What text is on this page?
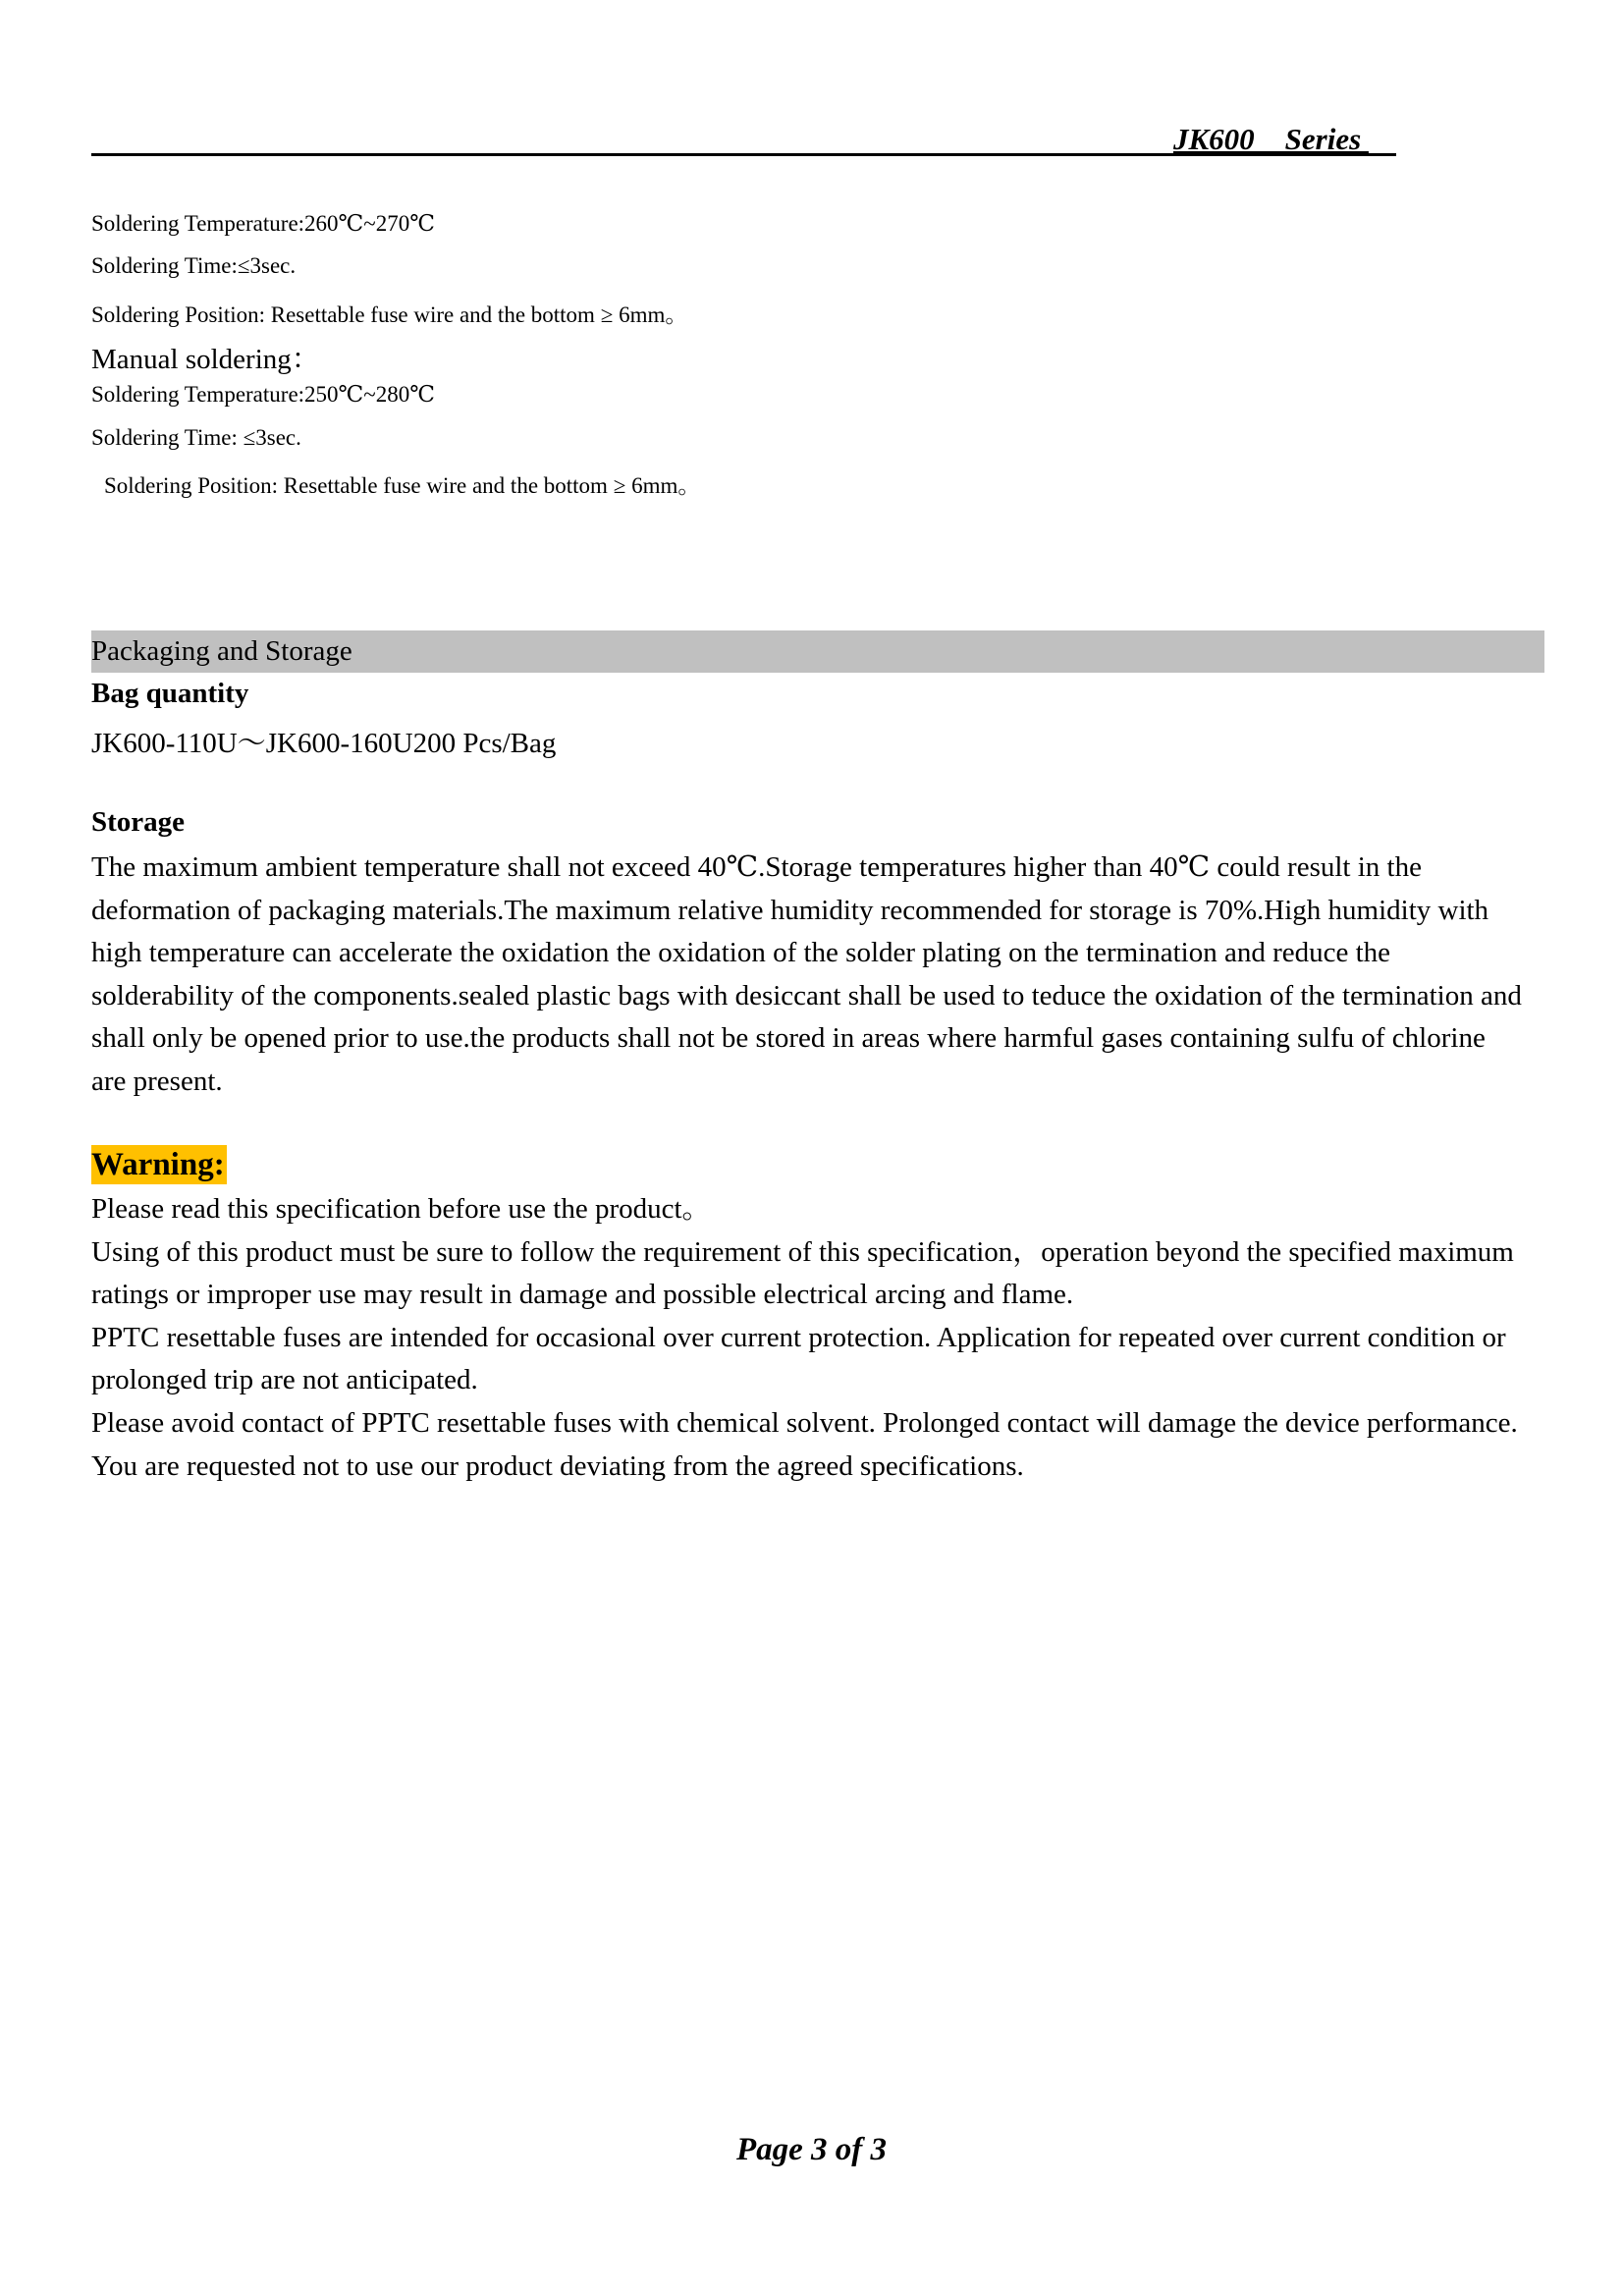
JK600    Series
Soldering Temperature:260℃~270℃
Soldering Time:≤3sec.
Soldering Position: Resettable fuse wire and the bottom ≥ 6mm。
Manual soldering：
Soldering Temperature:250℃~280℃
Soldering Time: ≤3sec.
Soldering Position: Resettable fuse wire and the bottom ≥ 6mm。
Packaging and Storage
Bag quantity
JK600-110U～JK600-160U200 Pcs/Bag
Storage

The maximum ambient temperature shall not exceed 40℃.Storage temperatures higher than 40℃ could result in the

deformation of packaging materials.The maximum relative humidity recommended for storage is 70%.High humidity with

high temperature can accelerate the oxidation the oxidation of the solder plating on the termination and reduce the

solderability of the components.sealed plastic bags with desiccant shall be used to teduce the oxidation of the termination and

shall only be opened prior to use.the products shall not be stored in areas where harmful gases containing sulfu of chlorine

are present.

Warning:

Please read this specification before use the product。

Using of this product must be sure to follow the requirement of this specification，operation beyond the specified maximum

ratings or improper use may result in damage and possible electrical arcing and flame.

PPTC resettable fuses are intended for occasional over current protection. Application for repeated over current condition or

prolonged trip are not anticipated.

Please avoid contact of PPTC resettable fuses with chemical solvent. Prolonged contact will damage the device performance.

You are requested not to use our product deviating from the agreed specifications.

Page 3 of 3
